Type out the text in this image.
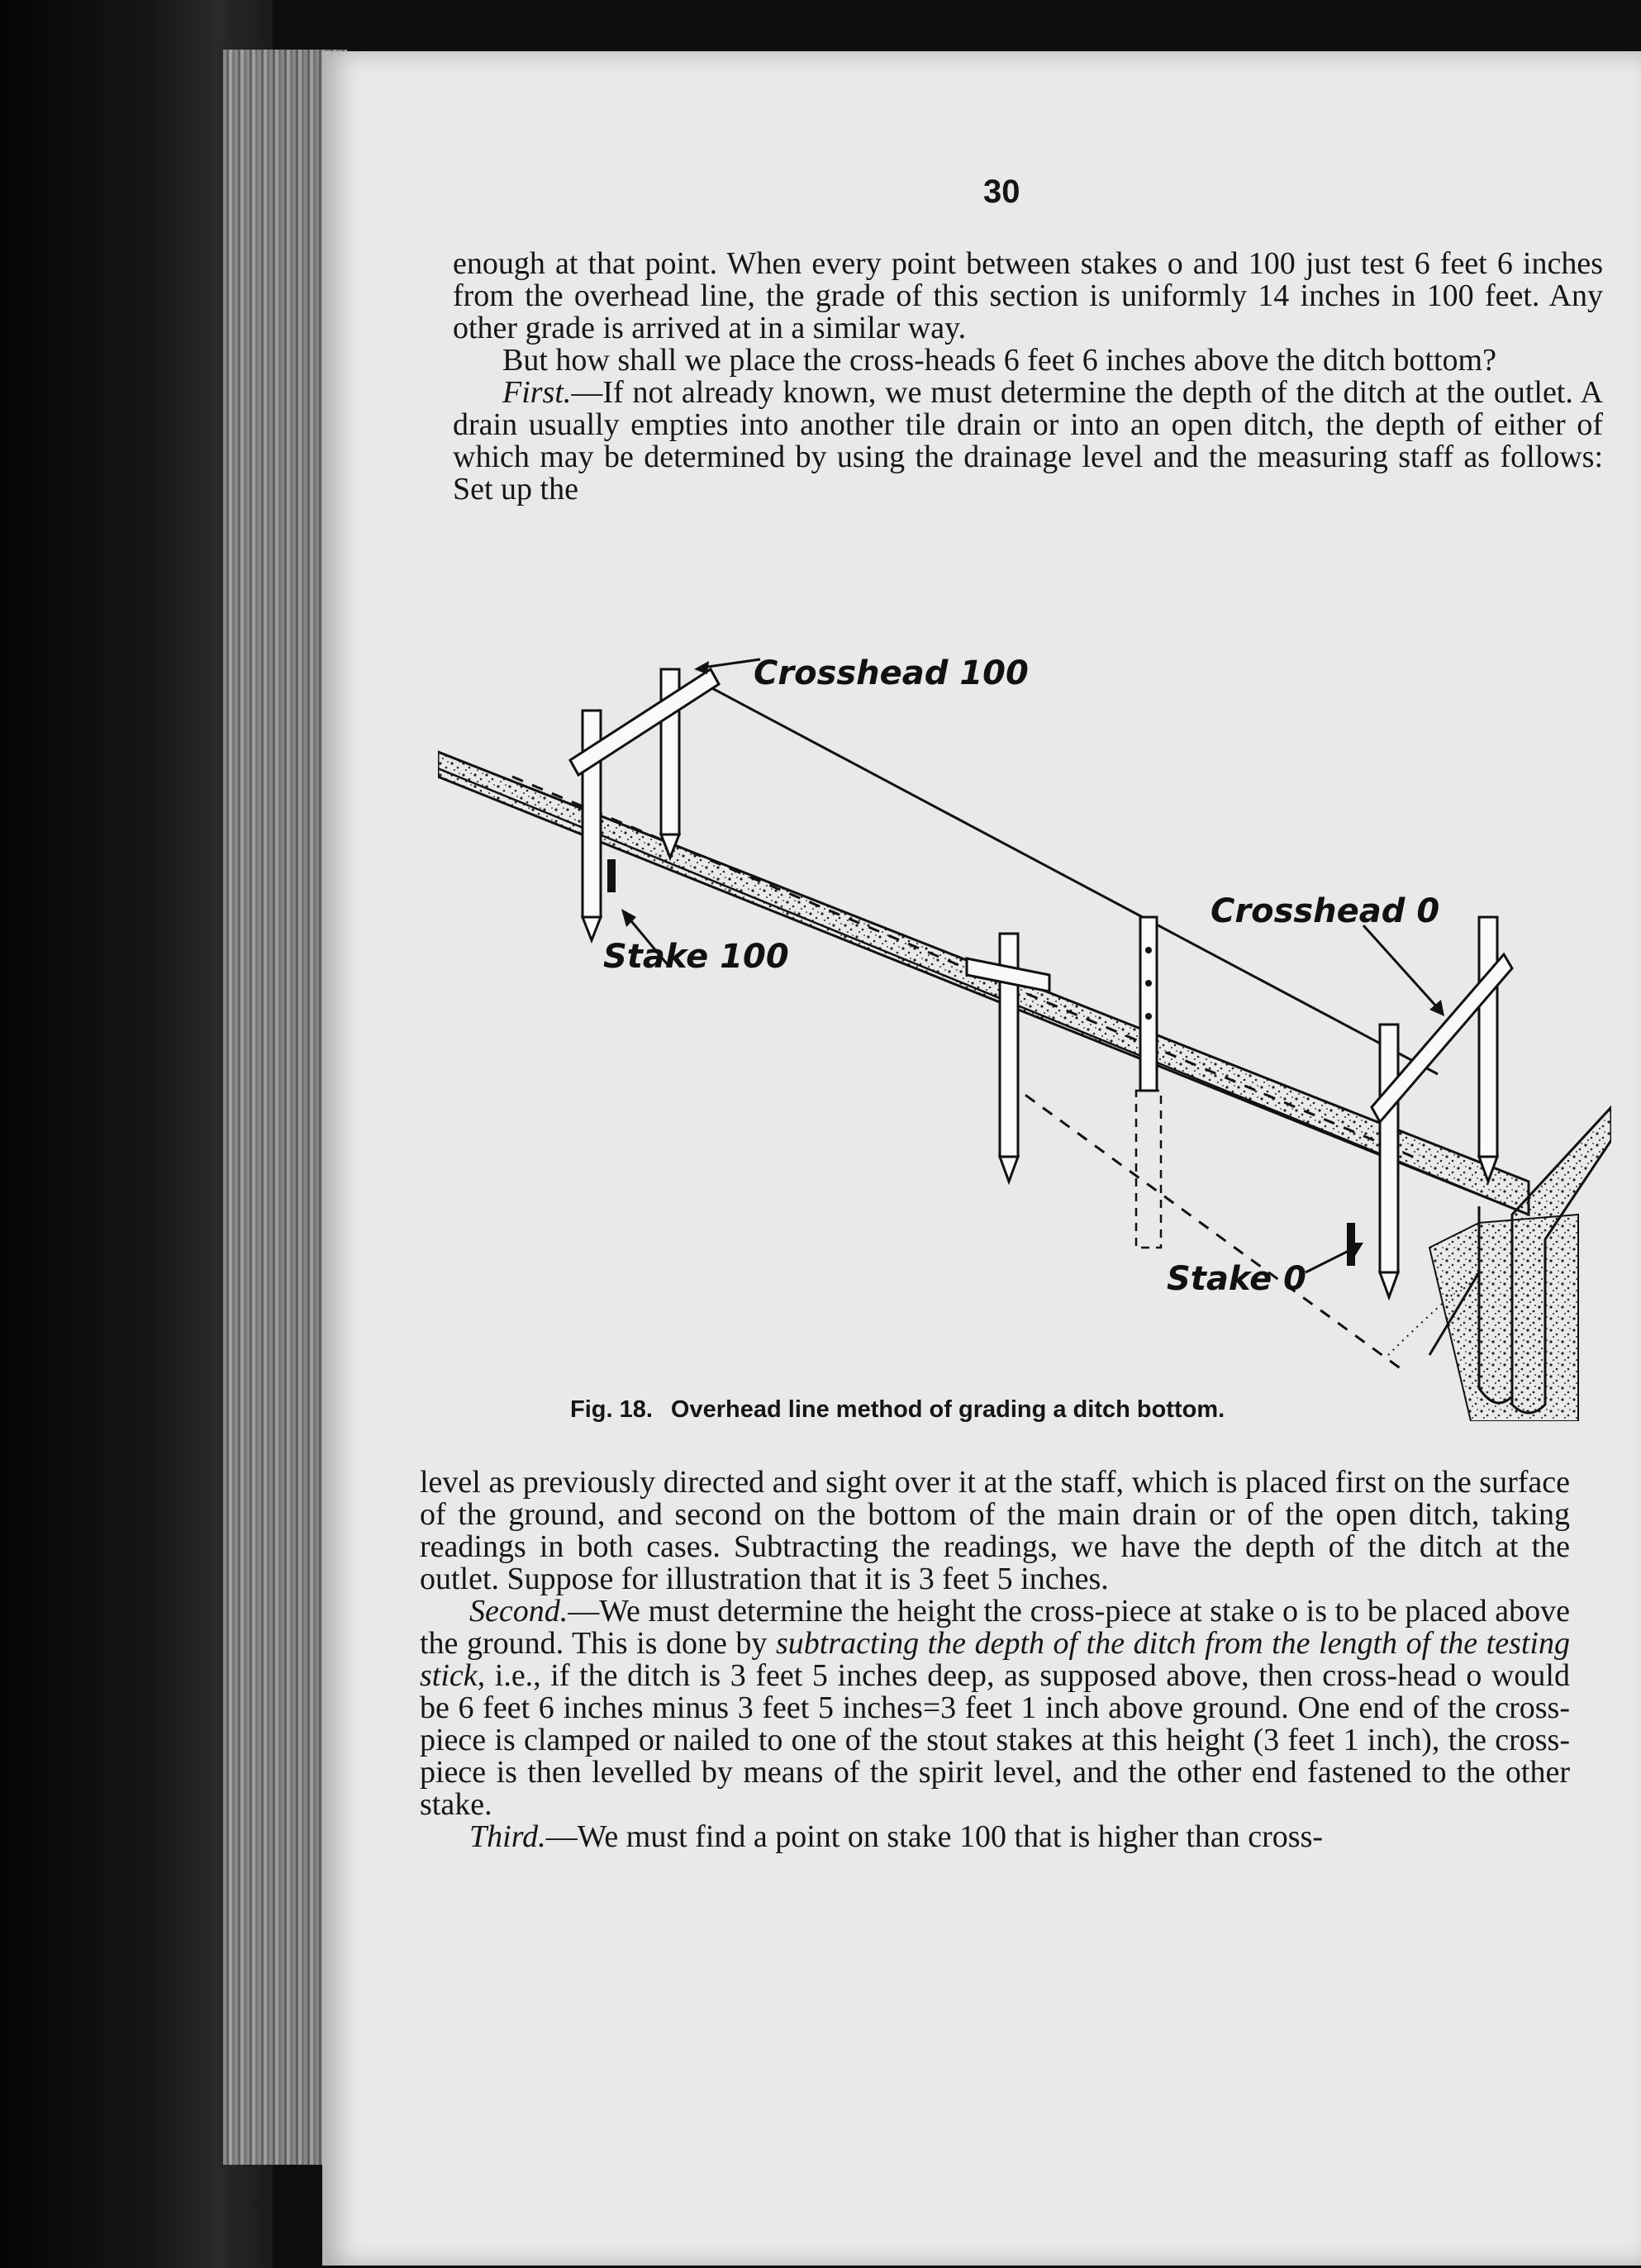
30

enough at that point. When every point between stakes o and 100 just test 6 feet 6 inches from the overhead line, the grade of this section is uniformly 14 inches in 100 feet. Any other grade is arrived at in a similar way.

But how shall we place the cross-heads 6 feet 6 inches above the ditch bottom?

First.—If not already known, we must determine the depth of the ditch at the outlet. A drain usually empties into another tile drain or into an open ditch, the depth of either of which may be determined by using the drainage level and the measuring staff as follows: Set up the

Crosshead 100
Stake 100
Crosshead 0
Stake 0
Fig. 18. Overhead line method of grading a ditch bottom.

level as previously directed and sight over it at the staff, which is placed first on the surface of the ground, and second on the bottom of the main drain or of the open ditch, taking readings in both cases. Subtracting the readings, we have the depth of the ditch at the outlet. Suppose for illustration that it is 3 feet 5 inches.

Second.—We must determine the height the cross-piece at stake o is to be placed above the ground. This is done by subtracting the depth of the ditch from the length of the testing stick, i.e., if the ditch is 3 feet 5 inches deep, as supposed above, then cross-head o would be 6 feet 6 inches minus 3 feet 5 inches=3 feet 1 inch above ground. One end of the cross-piece is clamped or nailed to one of the stout stakes at this height (3 feet 1 inch), the cross-piece is then levelled by means of the spirit level, and the other end fastened to the other stake.

Third.—We must find a point on stake 100 that is higher than cross-
